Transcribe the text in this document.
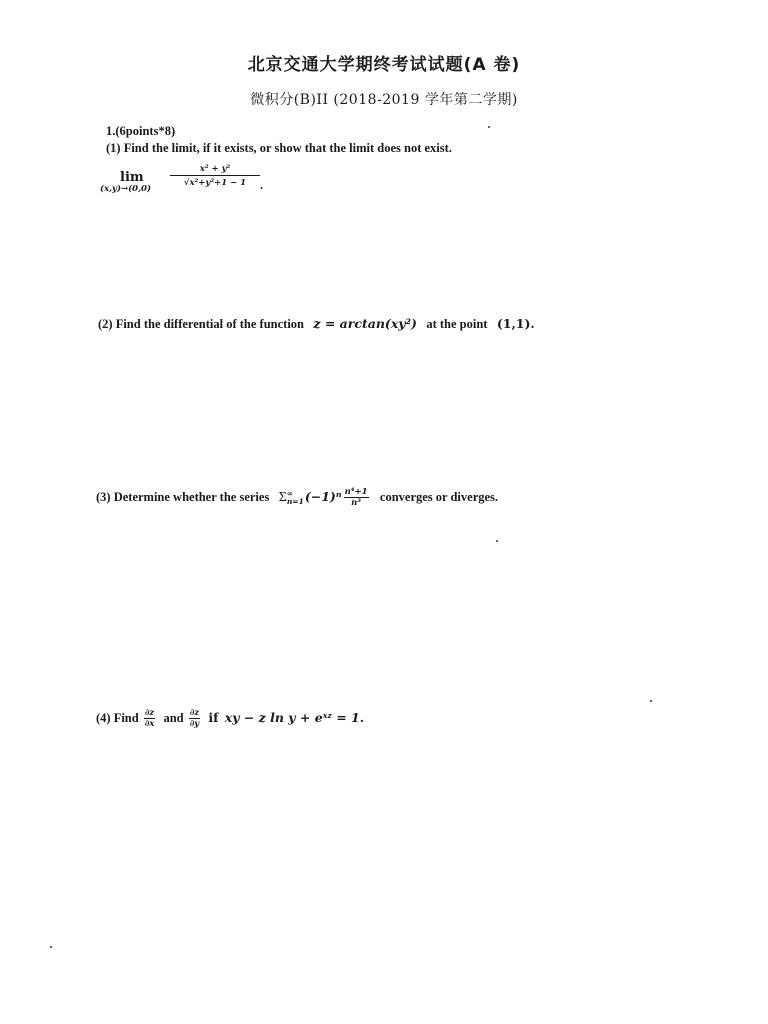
北京交通大学期终考试试题(A 卷)
微积分(B)II (2018-2019 学年第二学期)
1.(6points*8)
(1) Find the limit, if it exists, or show that the limit does not exist.
lim
(x,y)→(0,0)
$\frac{\text{x² + y²}}{\text{√x²+y²+1 − 1}}$ .
(2) Find the differential of the function z = arctan(xy²) at the point (1,1).
(3) Determine whether the series Σ ∞
n=1 $(-1)^n \frac{\text{n⁴+1}}{\text{n³}}$ converges or diverges.
(4) Find $\frac{\partial z}{\partial x}$ and $\frac{\partial z}{\partial y}$ if xy − z ln y + eˣᶻ = 1.
